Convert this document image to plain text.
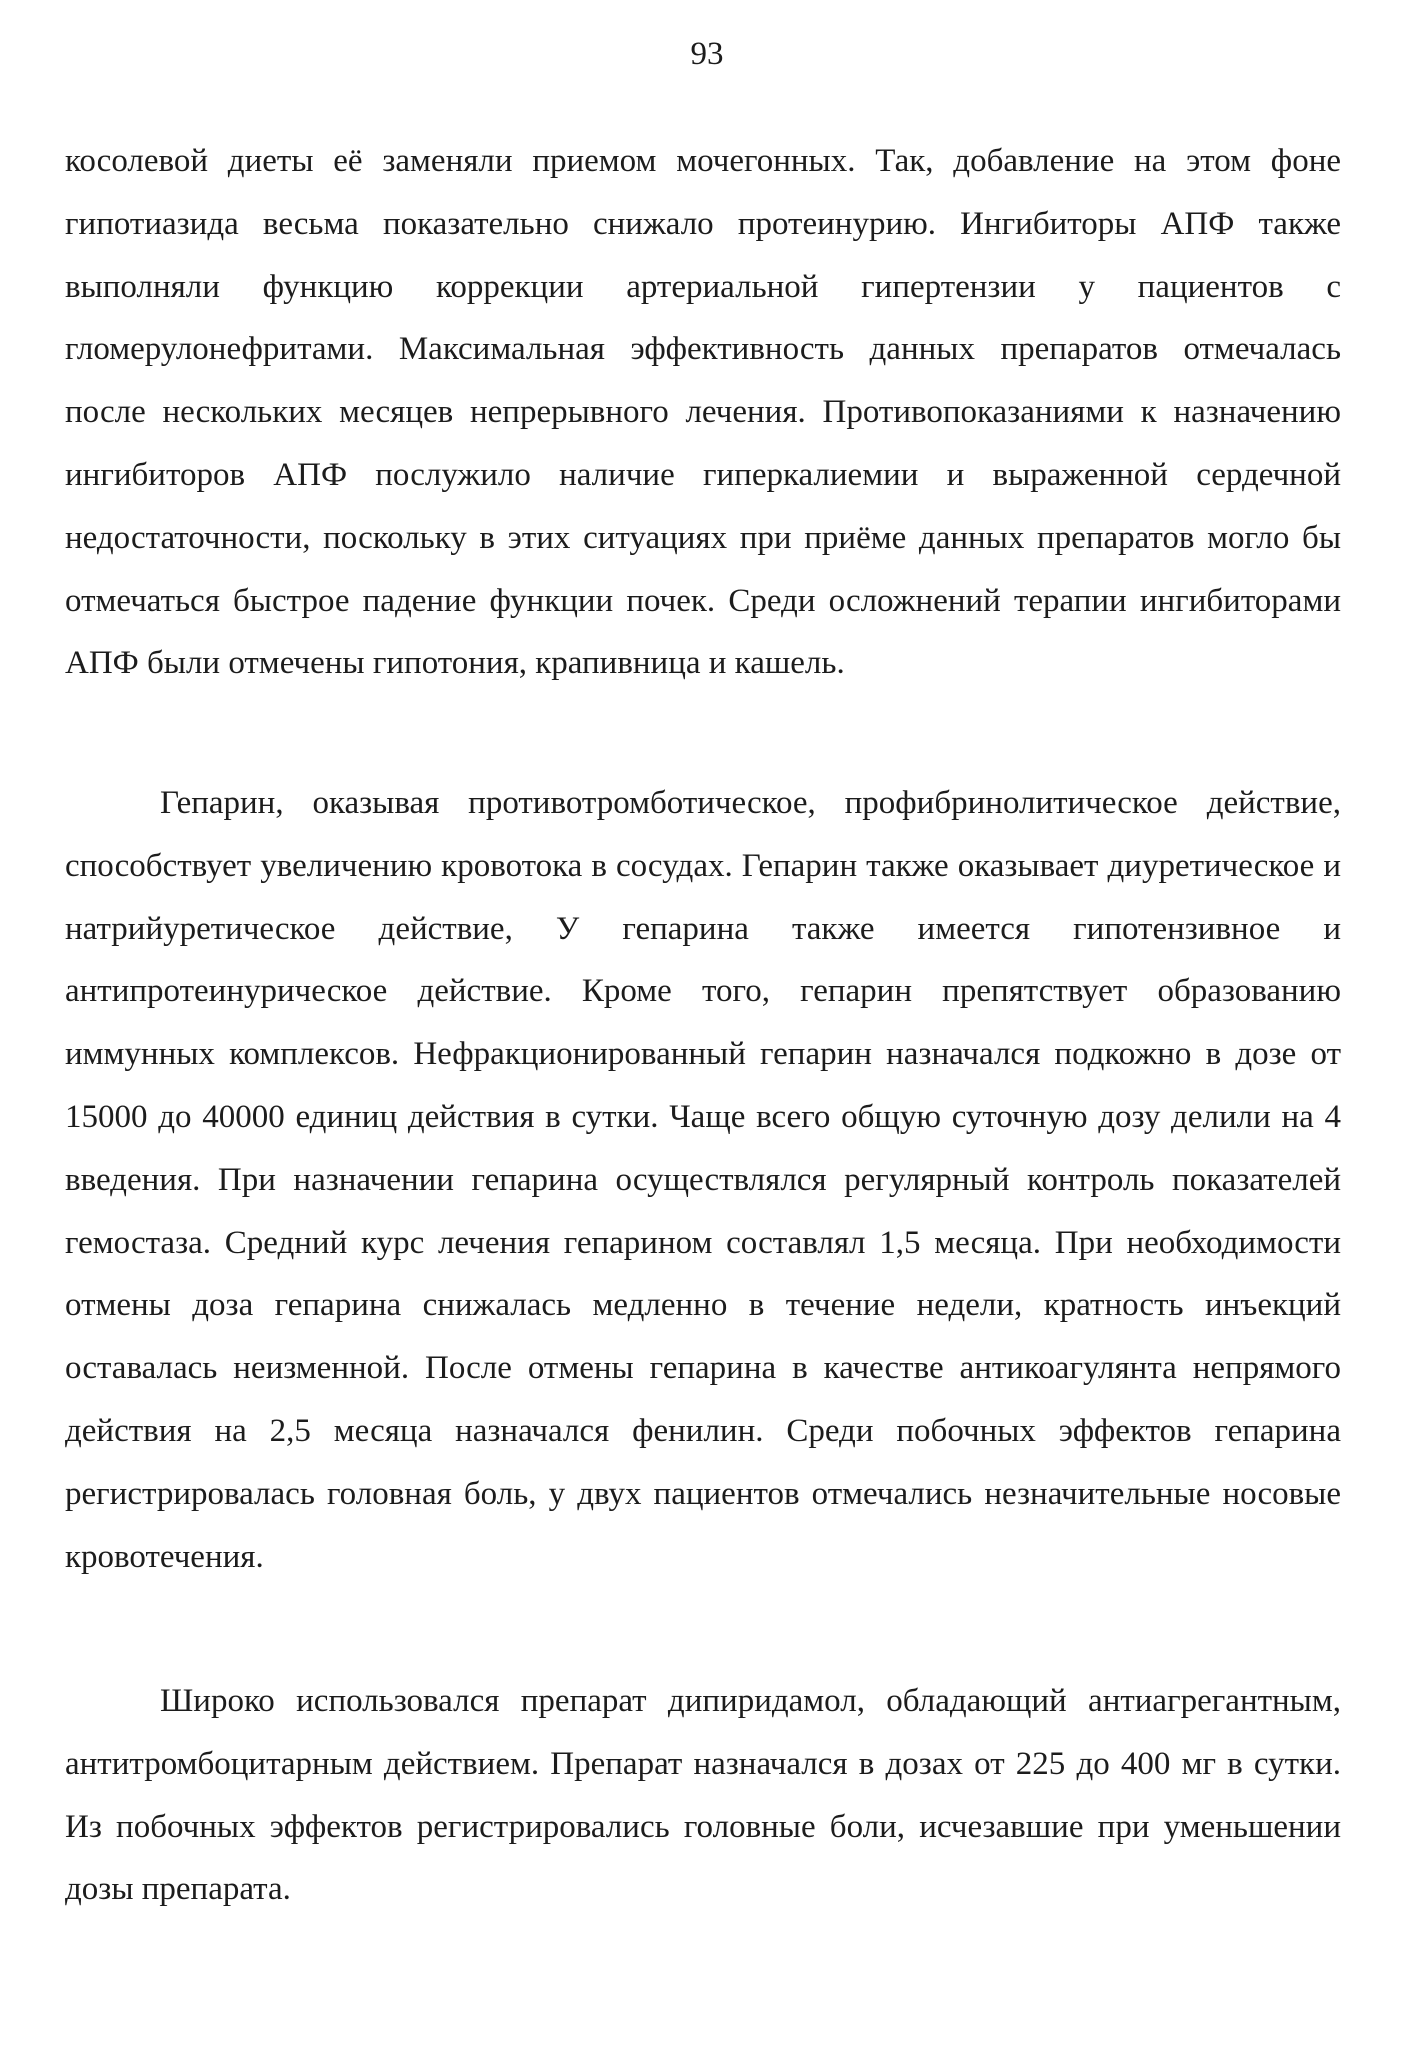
93

косолевой диеты её заменяли приемом мочегонных. Так, добавление на этом фоне гипотиазида весьма показательно снижало протеинурию. Ингибиторы АПФ также выполняли функцию коррекции артериальной гипертензии у пациентов с гломерулонефритами. Максимальная эффективность данных препаратов отмечалась после нескольких месяцев непрерывного лечения. Противопоказаниями к назначению ингибиторов АПФ послужило наличие гиперкалиемии и выраженной сердечной недостаточности, поскольку в этих ситуациях при приёме данных препаратов могло бы отмечаться быстрое падение функции почек. Среди осложнений терапии ингибиторами АПФ были отмечены гипотония, крапивница и кашель.

Гепарин, оказывая противотромботическое, профибринолитическое действие, способствует увеличению кровотока в сосудах. Гепарин также оказывает диуретическое и натрийуретическое действие, У гепарина также имеется гипотензивное и антипротеинурическое действие. Кроме того, гепарин препятствует образованию иммунных комплексов. Нефракционированный гепарин назначался подкожно в дозе от 15000 до 40000 единиц действия в сутки. Чаще всего общую суточную дозу делили на 4 введения. При назначении гепарина осуществлялся регулярный контроль показателей гемостаза. Средний курс лечения гепарином составлял 1,5 месяца. При необходимости отмены доза гепарина снижалась медленно в течение недели, кратность инъекций оставалась неизменной. После отмены гепарина в качестве антикоагулянта непрямого действия на 2,5 месяца назначался фенилин. Среди побочных эффектов гепарина регистрировалась головная боль, у двух пациентов отмечались незначительные носовые кровотечения.

Широко использовался препарат дипиридамол, обладающий антиагрегантным, антитромбоцитарным действием. Препарат назначался в дозах от 225 до 400 мг в сутки. Из побочных эффектов регистрировались головные боли, исчезавшие при уменьшении дозы препарата.
